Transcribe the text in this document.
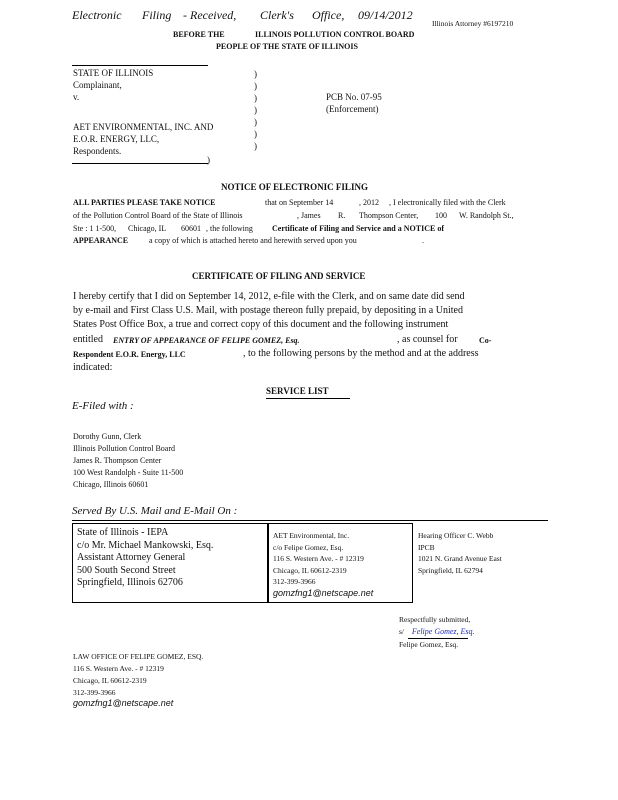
Electronic Filing - Received, Clerk's Office, 09/14/2012
Illinois Attorney #6197210
BEFORE THE	ILLINOIS POLLUTION CONTROL BOARD
PEOPLE OF THE STATE OF ILLINOIS
STATE OF ILLINOIS
Complainant,
v.

AET ENVIRONMENTAL, INC. AND
E.O.R. ENERGY, LLC,
Respondents.
)
)
)
)
)
)
)
)
PCB No. 07-95
(Enforcement)
NOTICE OF ELECTRONIC FILING
ALL PARTIES PLEASE TAKE NOTICE	that on September 14	, 2012 , I electronically filed with the Clerk
of the Pollution Control Board of the State of Illinois	, James R. Thompson Center, 100 W. Randolph St.,
Ste : 1 1-500, Chicago, IL 60601 , the following Certificate of Filing and Service and a NOTICE of
APPEARANCE	a copy of which is attached hereto and herewith served upon you	.
CERTIFICATE OF FILING AND SERVICE
I hereby certify that I did on September 14, 2012, e-file with the Clerk, and on same date did send
by e-mail and First Class U.S. Mail, with postage thereon fully prepaid, by depositing in a United
States Post Office Box, a true and correct copy of this document and the following instrument
entitled ENTRY OF APPEARANCE OF FELIPE GOMEZ, Esq.	, as counsel for	Co-
Respondent E.O.R. Energy, LLC	, to the following persons by the method and at the address
indicated:
SERVICE LIST
E-Filed with :
Dorothy Gunn, Clerk
Illinois Pollution Control Board
James R. Thompson Center
100 West Randolph - Suite 11-500
Chicago, Illinois 60601
Served By U.S. Mail and E-Mail On :
State of Illinois - IEPA
c/o Mr. Michael Mankowski, Esq.
Assistant Attorney General
500 South Second Street
Springfield, Illinois 62706
AET Environmental, Inc.
c/o Felipe Gomez, Esq.
116 S. Western Ave. - # 12319
Chicago, IL 60612-2319
312-399-3966
gomzfng1@netscape.net
Hearing Officer C. Webb
IPCB
1021 N. Grand Avenue East
Springfield, IL 62794
Respectfully submitted,
s/ Felipe Gomez, Esq.
Felipe Gomez, Esq.
LAW OFFICE OF FELIPE GOMEZ, ESQ.
116 S. Western Ave. - # 12319
Chicago, IL 60612-2319
312-399-3966
gomzfng1@netscape.net
